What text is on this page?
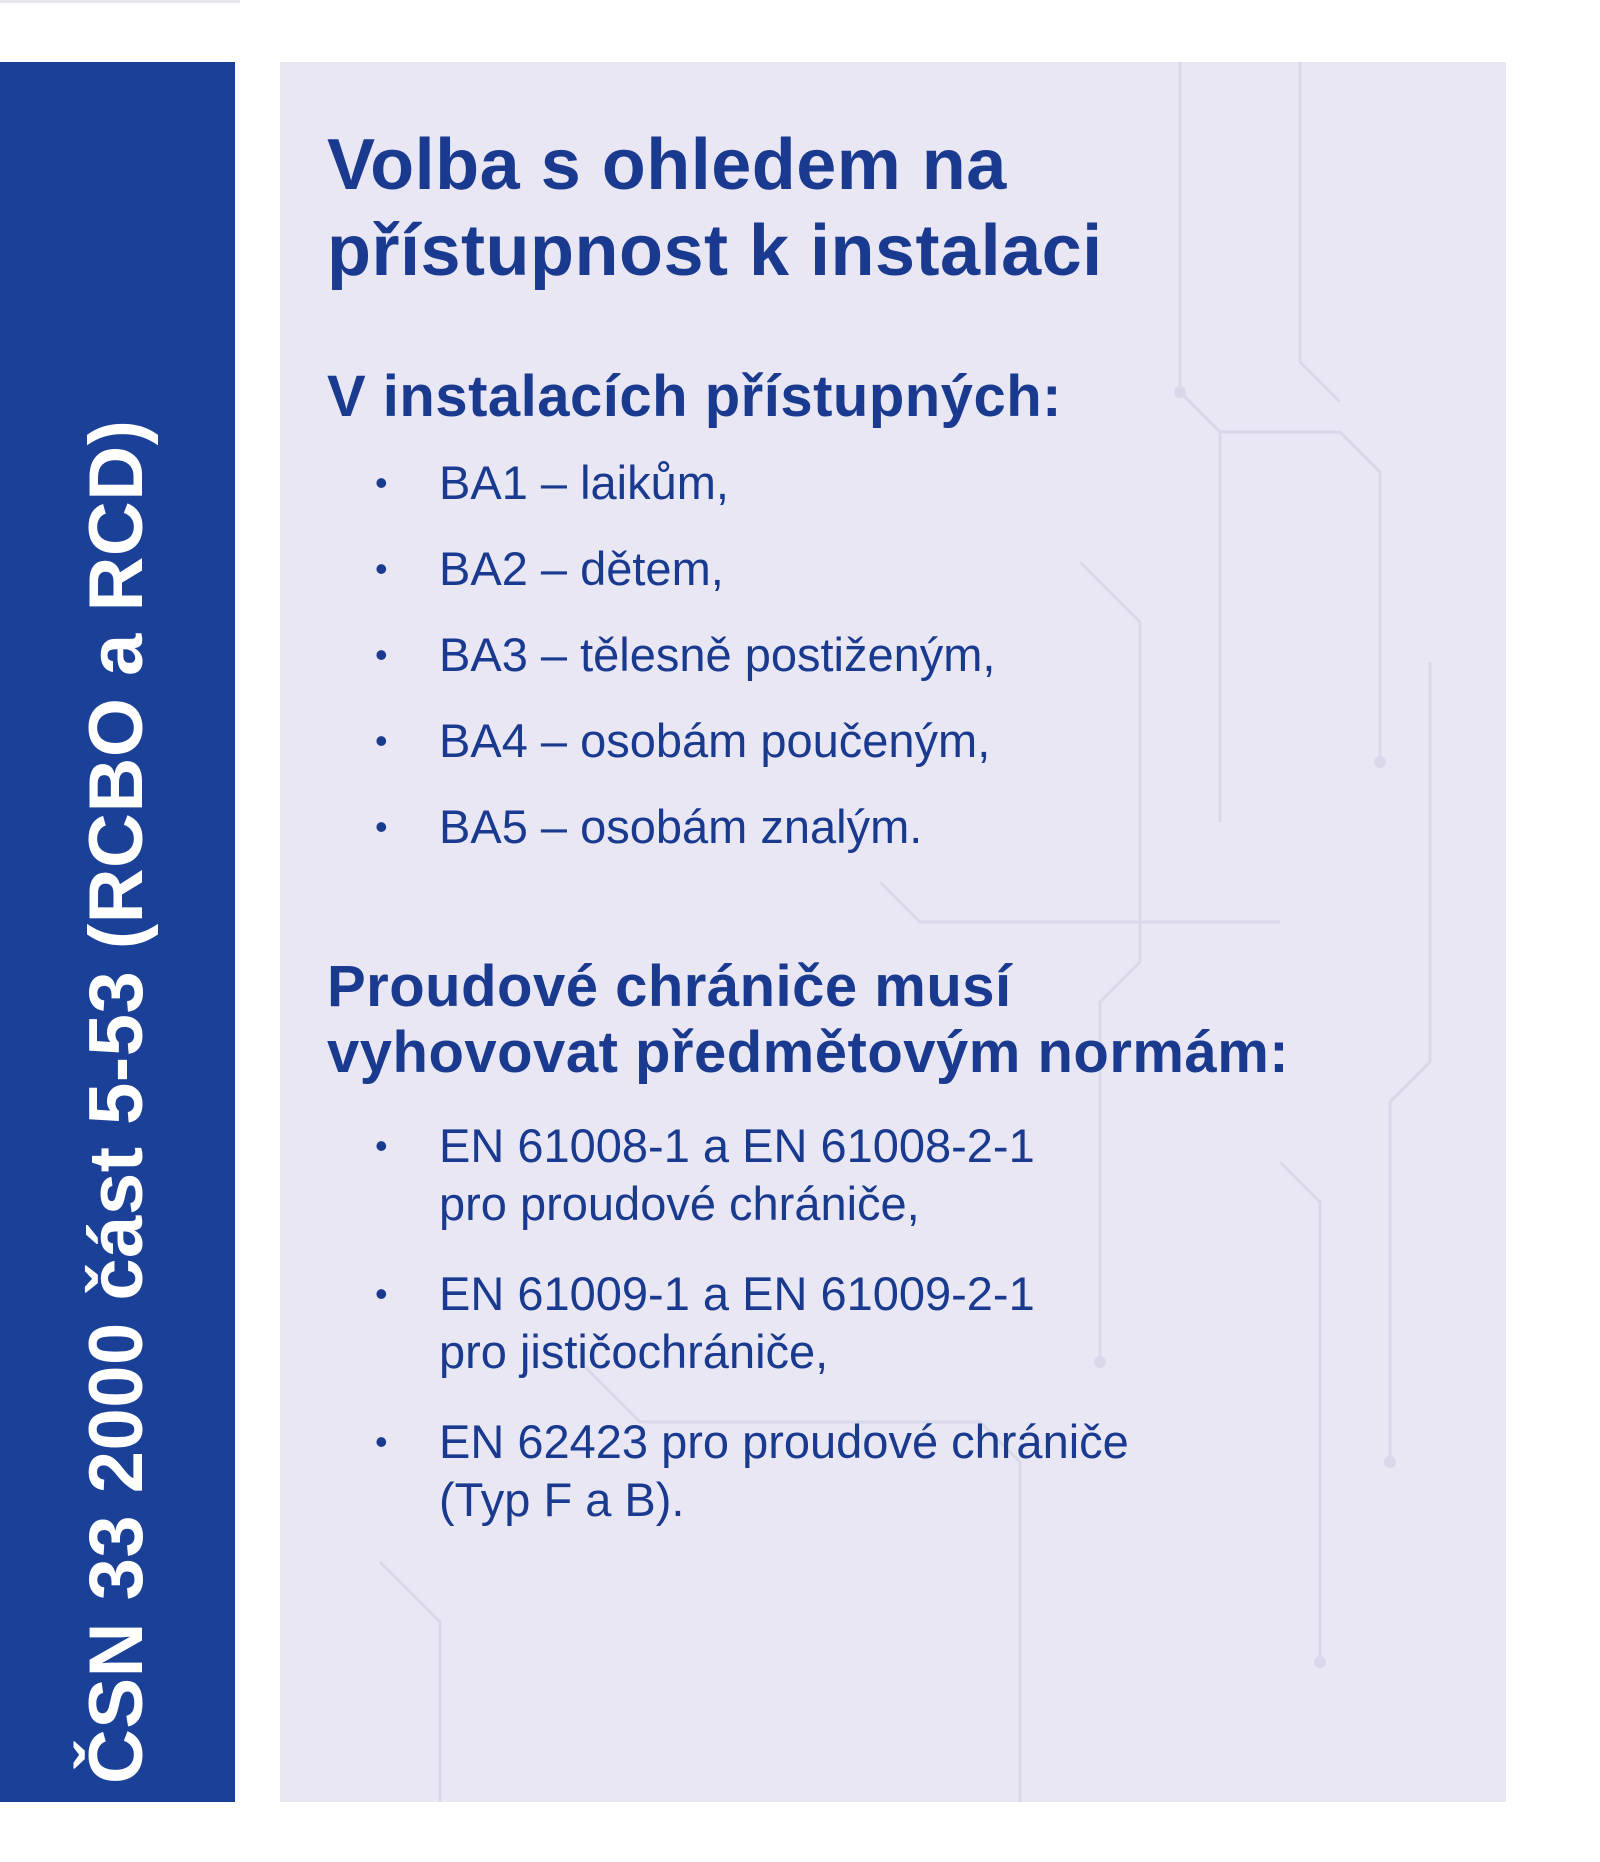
ČSN 33 2000 část 5-53 (RCBO a RCD)
Volba s ohledem na
přístupnost k instalaci
V instalacích přístupných:
• BA1 – laikům,
• BA2 – dětem,
• BA3 – tělesně postiženým,
• BA4 – osobám poučeným,
• BA5 – osobám znalým.
Proudové chrániče musí
vyhovovat předmětovým normám:
• EN 61008-1 a EN 61008-2-1
pro proudové chrániče,
• EN 61009-1 a EN 61009-2-1
pro jističochrániče,
• EN 62423 pro proudové chrániče
(Typ F a B).
